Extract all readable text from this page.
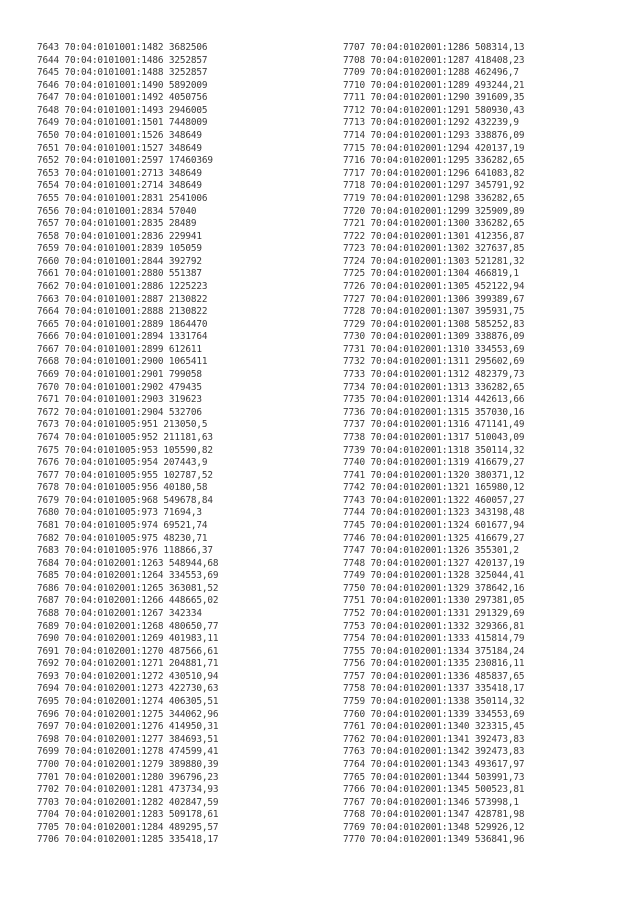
7643 70:04:0101001:1482 3682506
7644 70:04:0101001:1486 3252857
7645 70:04:0101001:1488 3252857
7646 70:04:0101001:1490 5892009
7647 70:04:0101001:1492 4050756
7648 70:04:0101001:1493 2946005
7649 70:04:0101001:1501 7448009
7650 70:04:0101001:1526 348649
7651 70:04:0101001:1527 348649
7652 70:04:0101001:2597 17460369
7653 70:04:0101001:2713 348649
7654 70:04:0101001:2714 348649
7655 70:04:0101001:2831 2541006
7656 70:04:0101001:2834 57040
7657 70:04:0101001:2835 28489
7658 70:04:0101001:2836 229941
7659 70:04:0101001:2839 105059
7660 70:04:0101001:2844 392792
7661 70:04:0101001:2880 551387
7662 70:04:0101001:2886 1225223
7663 70:04:0101001:2887 2130822
7664 70:04:0101001:2888 2130822
7665 70:04:0101001:2889 1864470
7666 70:04:0101001:2894 1331764
7667 70:04:0101001:2899 612611
7668 70:04:0101001:2900 1065411
7669 70:04:0101001:2901 799058
7670 70:04:0101001:2902 479435
7671 70:04:0101001:2903 319623
7672 70:04:0101001:2904 532706
7673 70:04:0101005:951 213050,5
7674 70:04:0101005:952 211181,63
7675 70:04:0101005:953 105590,82
7676 70:04:0101005:954 207443,9
7677 70:04:0101005:955 102787,52
7678 70:04:0101005:956 40180,58
7679 70:04:0101005:968 549678,84
7680 70:04:0101005:973 71694,3
7681 70:04:0101005:974 69521,74
7682 70:04:0101005:975 48230,71
7683 70:04:0101005:976 118866,37
7684 70:04:0102001:1263 548944,68
7685 70:04:0102001:1264 334553,69
7686 70:04:0102001:1265 363081,52
7687 70:04:0102001:1266 448665,02
7688 70:04:0102001:1267 342334
7689 70:04:0102001:1268 480650,77
7690 70:04:0102001:1269 401983,11
7691 70:04:0102001:1270 487566,61
7692 70:04:0102001:1271 204881,71
7693 70:04:0102001:1272 430510,94
7694 70:04:0102001:1273 422730,63
7695 70:04:0102001:1274 406305,51
7696 70:04:0102001:1275 344062,96
7697 70:04:0102001:1276 414950,31
7698 70:04:0102001:1277 384693,51
7699 70:04:0102001:1278 474599,41
7700 70:04:0102001:1279 389880,39
7701 70:04:0102001:1280 396796,23
7702 70:04:0102001:1281 473734,93
7703 70:04:0102001:1282 402847,59
7704 70:04:0102001:1283 509178,61
7705 70:04:0102001:1284 489295,57
7706 70:04:0102001:1285 335418,17
7707 70:04:0102001:1286 508314,13
7708 70:04:0102001:1287 418408,23
7709 70:04:0102001:1288 462496,7
7710 70:04:0102001:1289 493244,21
7711 70:04:0102001:1290 391609,35
7712 70:04:0102001:1291 580930,43
7713 70:04:0102001:1292 432239,9
7714 70:04:0102001:1293 338876,09
7715 70:04:0102001:1294 420137,19
7716 70:04:0102001:1295 336282,65
7717 70:04:0102001:1296 641083,82
7718 70:04:0102001:1297 345791,92
7719 70:04:0102001:1298 336282,65
7720 70:04:0102001:1299 325909,89
7721 70:04:0102001:1300 336282,65
7722 70:04:0102001:1301 412356,87
7723 70:04:0102001:1302 327637,85
7724 70:04:0102001:1303 521281,32
7725 70:04:0102001:1304 466819,1
7726 70:04:0102001:1305 452122,94
7727 70:04:0102001:1306 399389,67
7728 70:04:0102001:1307 395931,75
7729 70:04:0102001:1308 585252,83
7730 70:04:0102001:1309 338876,09
7731 70:04:0102001:1310 334553,69
7732 70:04:0102001:1311 295602,69
7733 70:04:0102001:1312 482379,73
7734 70:04:0102001:1313 336282,65
7735 70:04:0102001:1314 442613,66
7736 70:04:0102001:1315 357030,16
7737 70:04:0102001:1316 471141,49
7738 70:04:0102001:1317 510043,09
7739 70:04:0102001:1318 350114,32
7740 70:04:0102001:1319 416679,27
7741 70:04:0102001:1320 380371,12
7742 70:04:0102001:1321 165980,12
7743 70:04:0102001:1322 460057,27
7744 70:04:0102001:1323 343198,48
7745 70:04:0102001:1324 601677,94
7746 70:04:0102001:1325 416679,27
7747 70:04:0102001:1326 355301,2
7748 70:04:0102001:1327 420137,19
7749 70:04:0102001:1328 325044,41
7750 70:04:0102001:1329 378642,16
7751 70:04:0102001:1330 297381,05
7752 70:04:0102001:1331 291329,69
7753 70:04:0102001:1332 329366,81
7754 70:04:0102001:1333 415814,79
7755 70:04:0102001:1334 375184,24
7756 70:04:0102001:1335 230816,11
7757 70:04:0102001:1336 485837,65
7758 70:04:0102001:1337 335418,17
7759 70:04:0102001:1338 350114,32
7760 70:04:0102001:1339 334553,69
7761 70:04:0102001:1340 323315,45
7762 70:04:0102001:1341 392473,83
7763 70:04:0102001:1342 392473,83
7764 70:04:0102001:1343 493617,97
7765 70:04:0102001:1344 503991,73
7766 70:04:0102001:1345 500523,81
7767 70:04:0102001:1346 573998,1
7768 70:04:0102001:1347 428781,98
7769 70:04:0102001:1348 529926,12
7770 70:04:0102001:1349 536841,96
